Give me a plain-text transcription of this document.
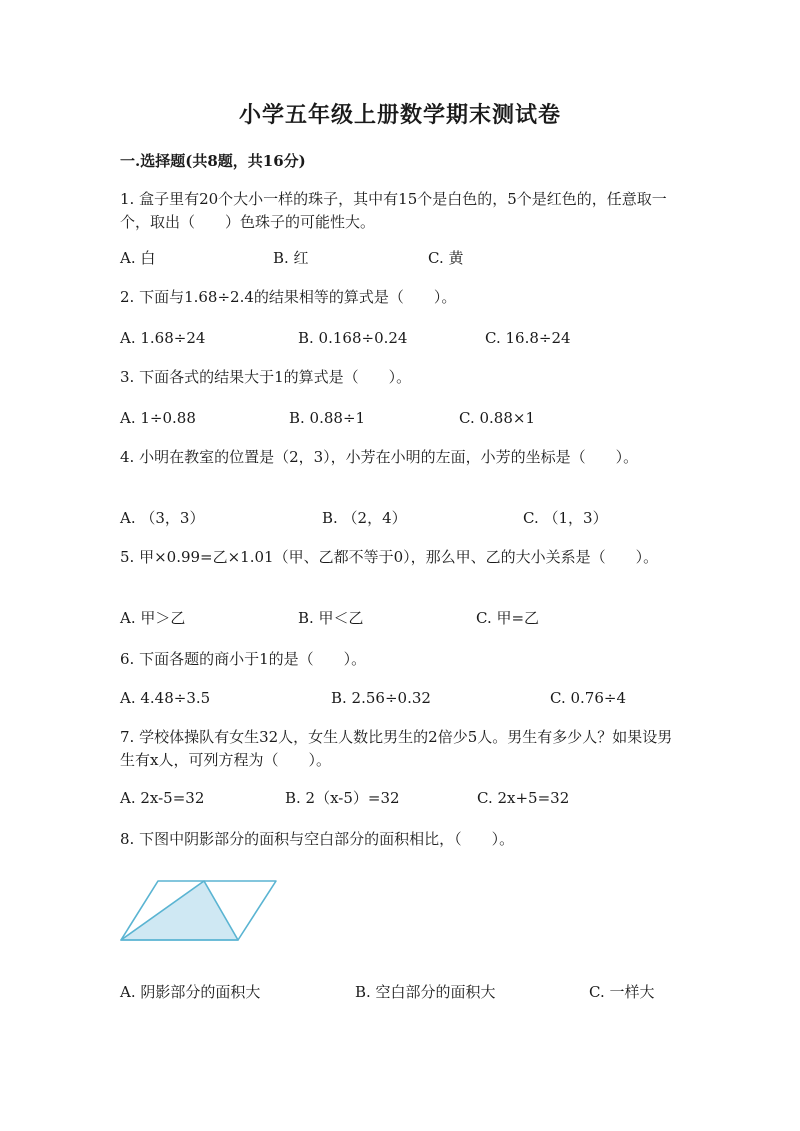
小学五年级上册数学期末测试卷
一.选择题(共8题，共16分)
1. 盒子里有20个大小一样的珠子，其中有15个是白色的，5个是红色的，任意取一个，取出（　　）色珠子的可能性大。
A. 白	B. 红	C. 黄
2. 下面与1.68÷2.4的结果相等的算式是（　　）。
A. 1.68÷24	B. 0.168÷0.24	C. 16.8÷24
3. 下面各式的结果大于1的算式是（　　）。
A. 1÷0.88	B. 0.88÷1	C. 0.88×1
4. 小明在教室的位置是（2，3），小芳在小明的左面，小芳的坐标是（　　）。
A. （3，3）	B. （2，4）	C. （1，3）
5. 甲×0.99=乙×1.01（甲、乙都不等于0），那么甲、乙的大小关系是（　　）。
A. 甲＞乙	B. 甲＜乙	C. 甲=乙
6. 下面各题的商小于1的是（　　）。
A. 4.48÷3.5	B. 2.56÷0.32	C. 0.76÷4
7. 学校体操队有女生32人，女生人数比男生的2倍少5人。男生有多少人？如果设男生有x人，可列方程为（　　）。
A. 2x-5=32	B. 2（x-5）=32	C. 2x+5=32
8. 下图中阴影部分的面积与空白部分的面积相比，（　　）。
A. 阴影部分的面积大	B. 空白部分的面积大	C. 一样大
